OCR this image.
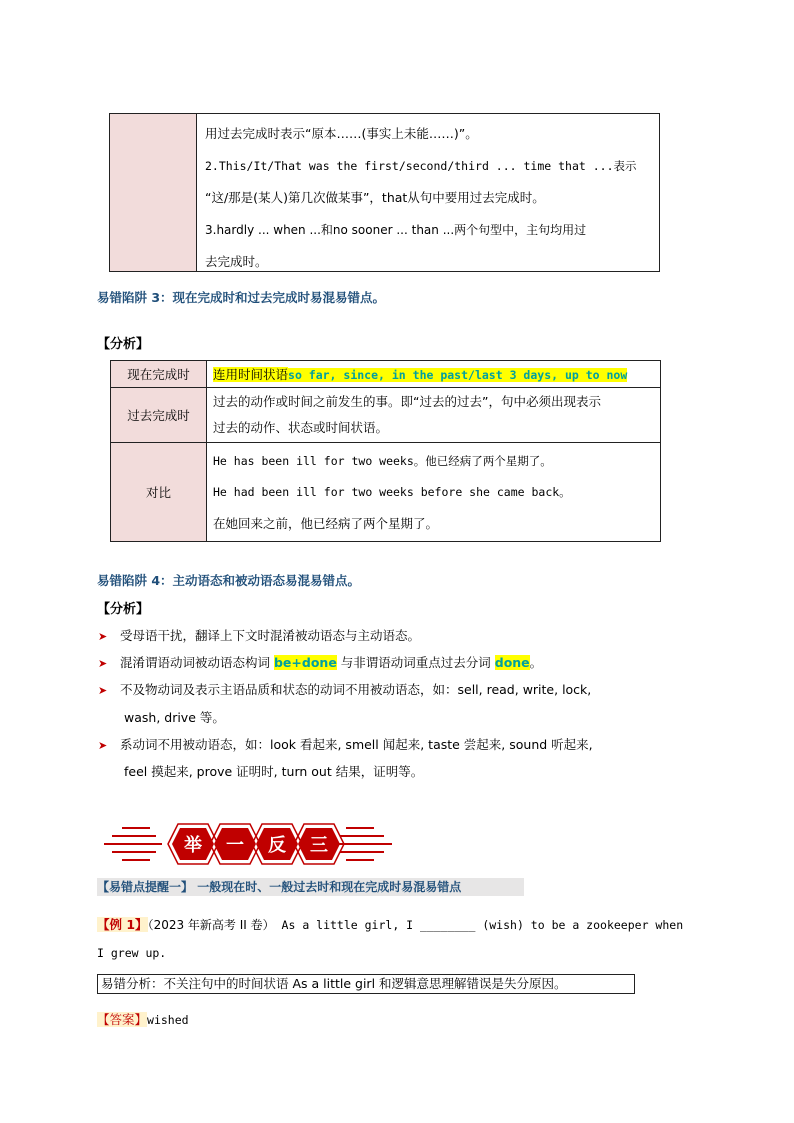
用过去完成时表示“原本……(事实上未能……)”。
2.This/It/That was the first/second/third ... time that ...表示
“这/那是(某人)第几次做某事”，that从句中要用过去完成时。
3.hardly ... when ...和no sooner ... than ...两个句型中，主句均用过
去完成时。
易错陷阱 3：现在完成时和过去完成时易混易错点。
【分析】
现在完成时	连用时间状语so far, since, in the past/last 3 days, up to now
过去完成时	过去的动作或时间之前发生的事。即“过去的过去”，句中必须出现表示
过去的动作、状态或时间状语。

对比	He has been ill for two weeks。他已经病了两个星期了。
He had been ill for two weeks before she came back。
在她回来之前，他已经病了两个星期了。
易错陷阱 4：主动语态和被动语态易混易错点。
【分析】
➤ 受母语干扰，翻译上下文时混淆被动语态与主动语态。
➤ 混淆谓语动词被动语态构词 be+done 与非谓语动词重点过去分词 done。
➤ 不及物动词及表示主语品质和状态的动词不用被动语态，如：sell, read, write, lock,
wash, drive 等。
➤ 系动词不用被动语态，如：look 看起来, smell 闻起来, taste 尝起来, sound 听起来,
feel 摸起来, prove 证明时, turn out 结果，证明等。
举 一 反 三
【易错点提醒一】 一般现在时、一般过去时和现在完成时易混易错点
【例 1】（2023 年新高考 II 卷） As a little girl, I ________ (wish) to be a zookeeper when
I grew up.
易错分析：不关注句中的时间状语 As a little girl 和逻辑意思理解错误是失分原因。
【答案】wished
